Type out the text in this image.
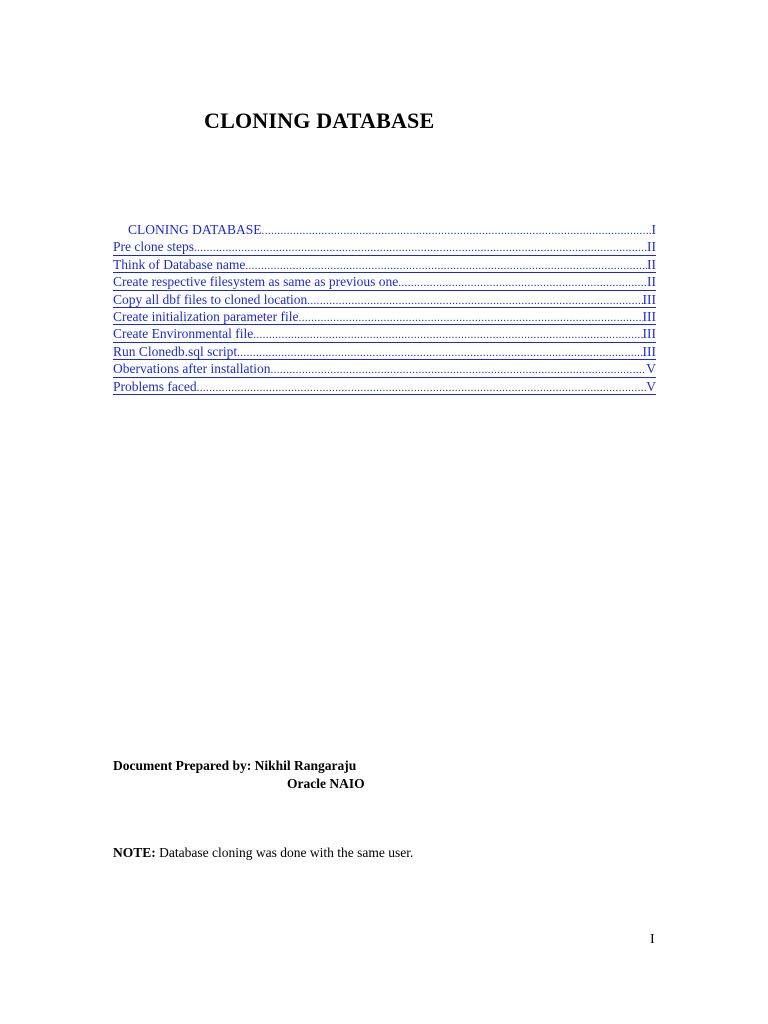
CLONING DATABASE
CLONING DATABASE .....	I
Pre clone steps .....	II
Think of Database name .....	II
Create respective filesystem as same as previous one .....	II
Copy all dbf files to cloned location .....	III
Create initialization parameter file .....	III
Create Environmental file .....	III
Run Clonedb.sql script .....	III
Obervations after installation .....	V
Problems faced .....	V
Document Prepared by: Nikhil Rangaraju
Oracle NAIO
NOTE: Database cloning was done with the same user.
I
